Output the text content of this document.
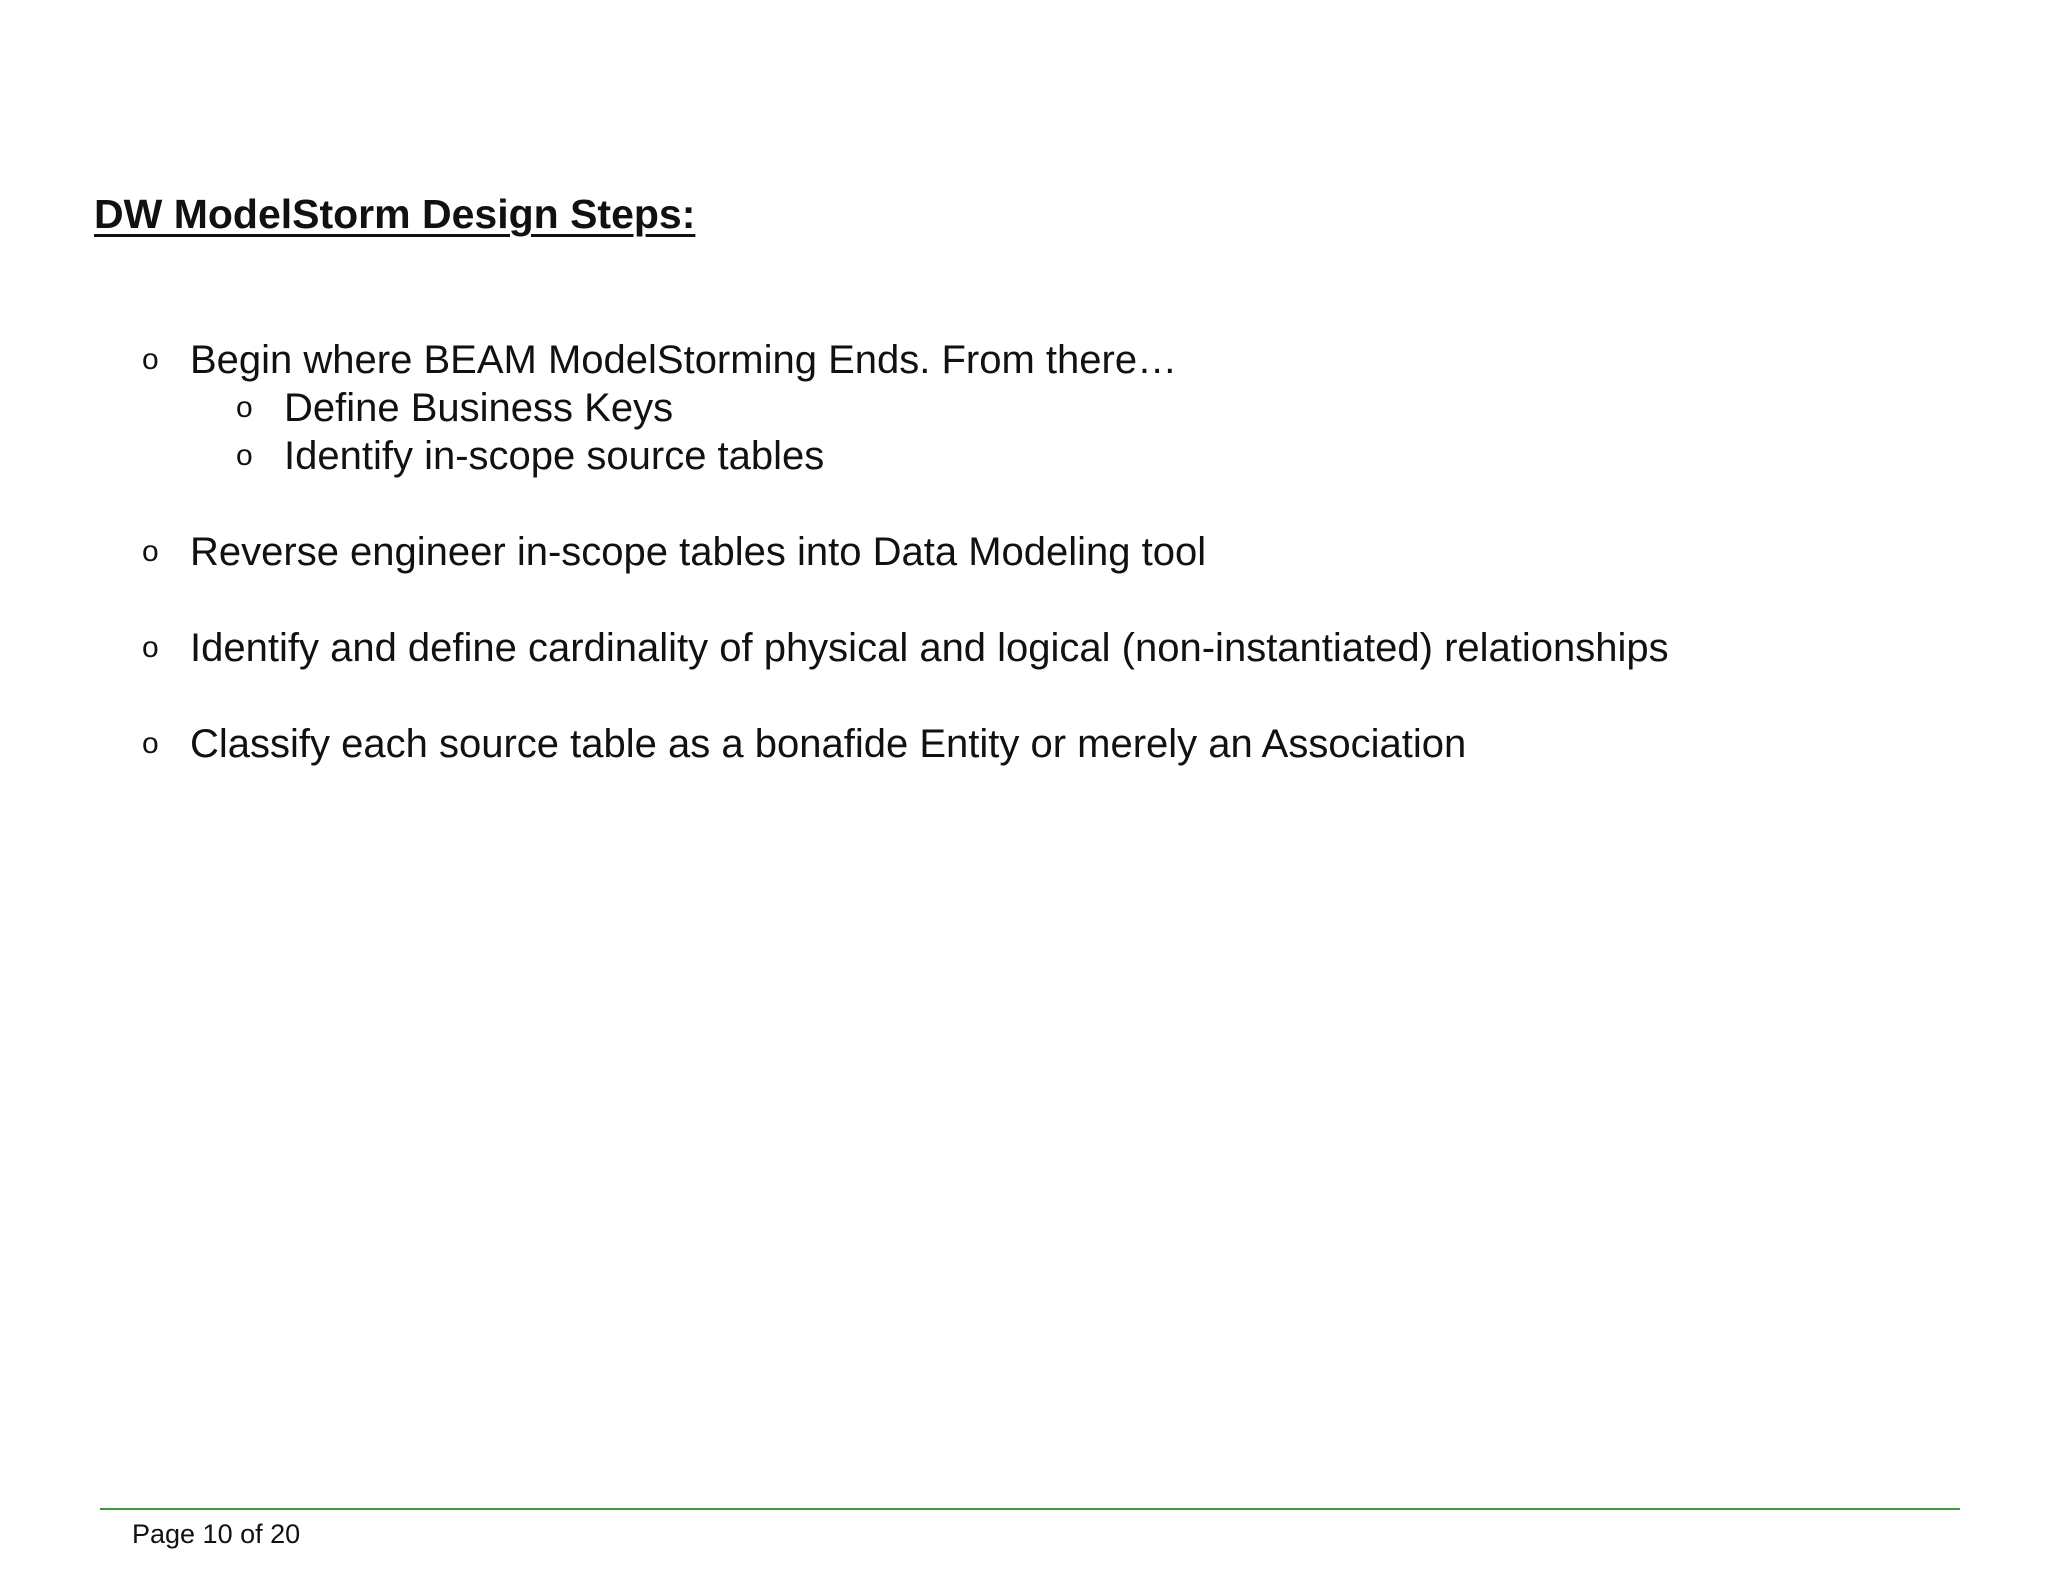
DW ModelStorm Design Steps:
o Begin where BEAM ModelStorming Ends. From there…
o Define Business Keys
o Identify in-scope source tables
o Reverse engineer in-scope tables into Data Modeling tool
o Identify and define cardinality of physical and logical (non-instantiated) relationships
o Classify each source table as a bonafide Entity or merely an Association
Page 10 of 20
